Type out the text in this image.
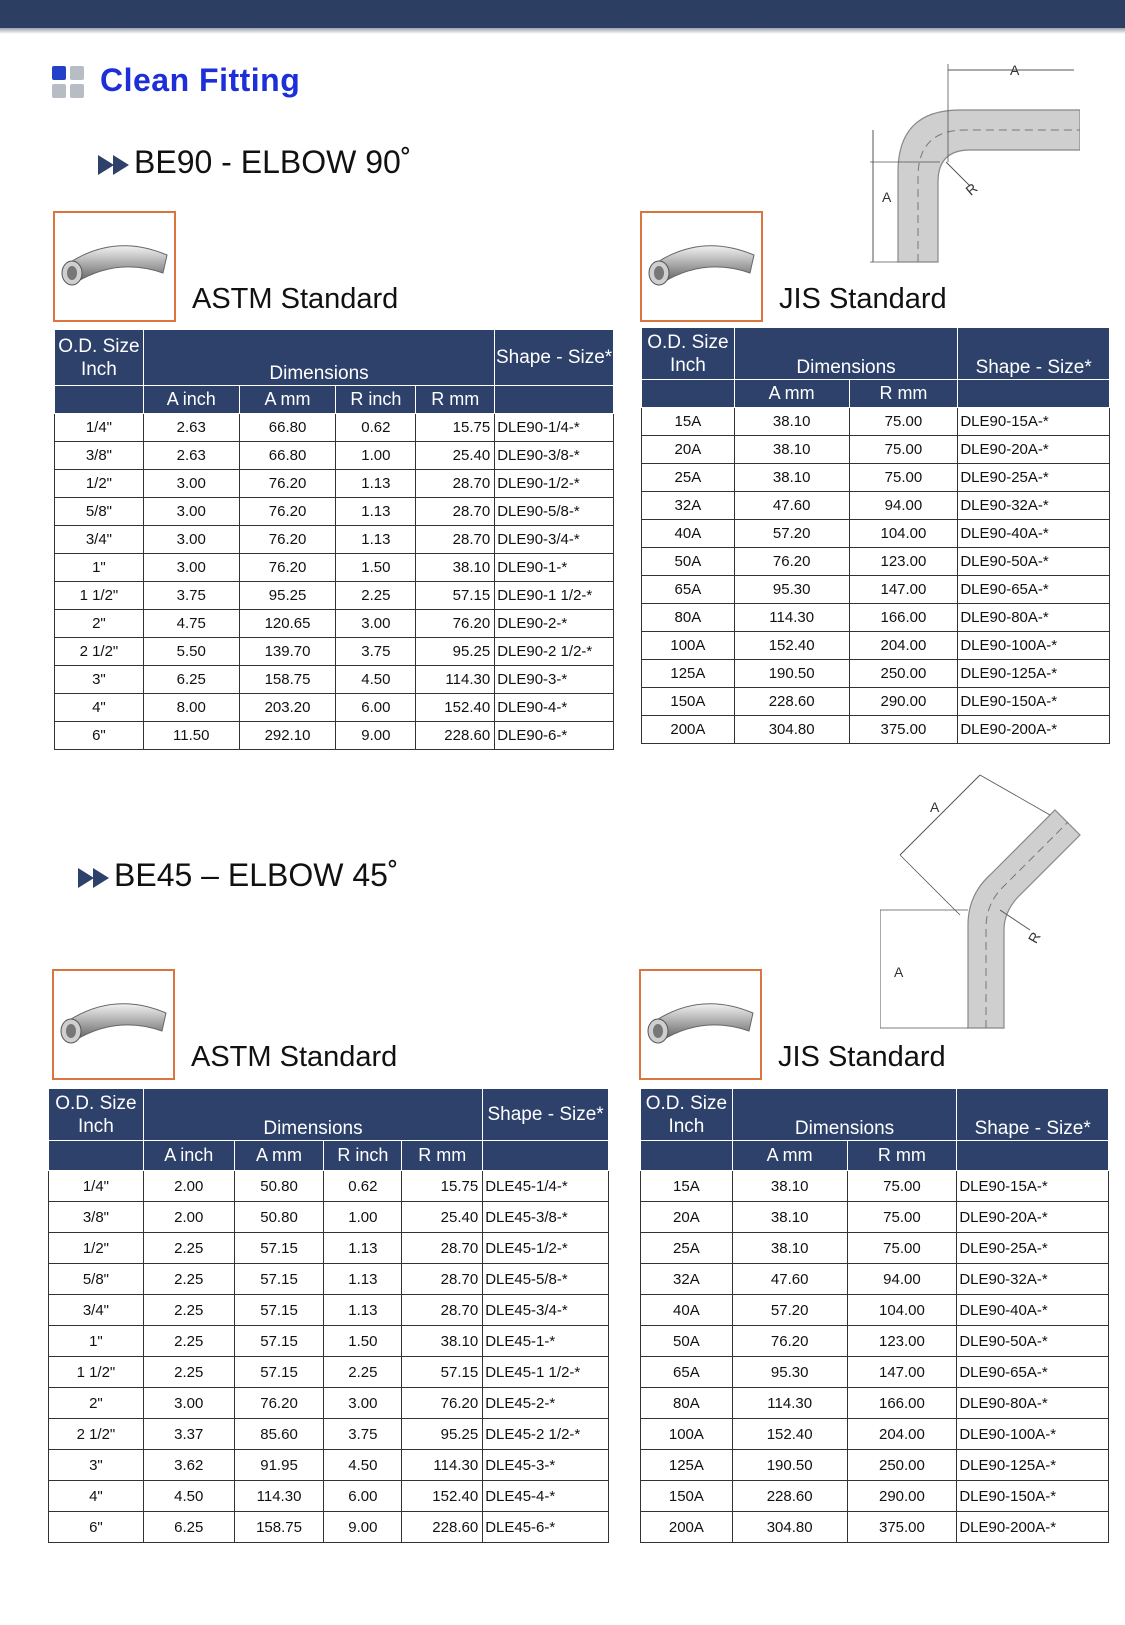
Clean Fitting
BE90 - ELBOW 90˚
ASTM Standard	JIS Standard
A
A	R
O.D. Size Inch	Dimensions				Shape - Size*
	A inch	A mm	R inch	R mm	
1/4"	2.63	66.80	0.62	15.75	DLE90-1/4-*
3/8"	2.63	66.80	1.00	25.40	DLE90-3/8-*
1/2"	3.00	76.20	1.13	28.70	DLE90-1/2-*
5/8"	3.00	76.20	1.13	28.70	DLE90-5/8-*
3/4"	3.00	76.20	1.13	28.70	DLE90-3/4-*
1"	3.00	76.20	1.50	38.10	DLE90-1-*
1 1/2"	3.75	95.25	2.25	57.15	DLE90-1 1/2-*
2"	4.75	120.65	3.00	76.20	DLE90-2-*
2 1/2"	5.50	139.70	3.75	95.25	DLE90-2 1/2-*
3"	6.25	158.75	4.50	114.30	DLE90-3-*
4"	8.00	203.20	6.00	152.40	DLE90-4-*
6"	11.50	292.10	9.00	228.60	DLE90-6-*
O.D. Size Inch	Dimensions		Shape - Size*
	A mm	R mm	
15A	38.10	75.00	DLE90-15A-*
20A	38.10	75.00	DLE90-20A-*
25A	38.10	75.00	DLE90-25A-*
32A	47.60	94.00	DLE90-32A-*
40A	57.20	104.00	DLE90-40A-*
50A	76.20	123.00	DLE90-50A-*
65A	95.30	147.00	DLE90-65A-*
80A	114.30	166.00	DLE90-80A-*
100A	152.40	204.00	DLE90-100A-*
125A	190.50	250.00	DLE90-125A-*
150A	228.60	290.00	DLE90-150A-*
200A	304.80	375.00	DLE90-200A-*
BE45 – ELBOW 45˚
ASTM Standard	JIS Standard
A
A
R
O.D. Size Inch	Dimensions				Shape - Size*
	A inch	A mm	R inch	R mm	
1/4"	2.00	50.80	0.62	15.75	DLE45-1/4-*
3/8"	2.00	50.80	1.00	25.40	DLE45-3/8-*
1/2"	2.25	57.15	1.13	28.70	DLE45-1/2-*
5/8"	2.25	57.15	1.13	28.70	DLE45-5/8-*
3/4"	2.25	57.15	1.13	28.70	DLE45-3/4-*
1"	2.25	57.15	1.50	38.10	DLE45-1-*
1 1/2"	2.25	57.15	2.25	57.15	DLE45-1 1/2-*
2"	3.00	76.20	3.00	76.20	DLE45-2-*
2 1/2"	3.37	85.60	3.75	95.25	DLE45-2 1/2-*
3"	3.62	91.95	4.50	114.30	DLE45-3-*
4"	4.50	114.30	6.00	152.40	DLE45-4-*
6"	6.25	158.75	9.00	228.60	DLE45-6-*
O.D. Size Inch	Dimensions		Shape - Size*
	A mm	R mm	
15A	38.10	75.00	DLE90-15A-*
20A	38.10	75.00	DLE90-20A-*
25A	38.10	75.00	DLE90-25A-*
32A	47.60	94.00	DLE90-32A-*
40A	57.20	104.00	DLE90-40A-*
50A	76.20	123.00	DLE90-50A-*
65A	95.30	147.00	DLE90-65A-*
80A	114.30	166.00	DLE90-80A-*
100A	152.40	204.00	DLE90-100A-*
125A	190.50	250.00	DLE90-125A-*
150A	228.60	290.00	DLE90-150A-*
200A	304.80	375.00	DLE90-200A-*
